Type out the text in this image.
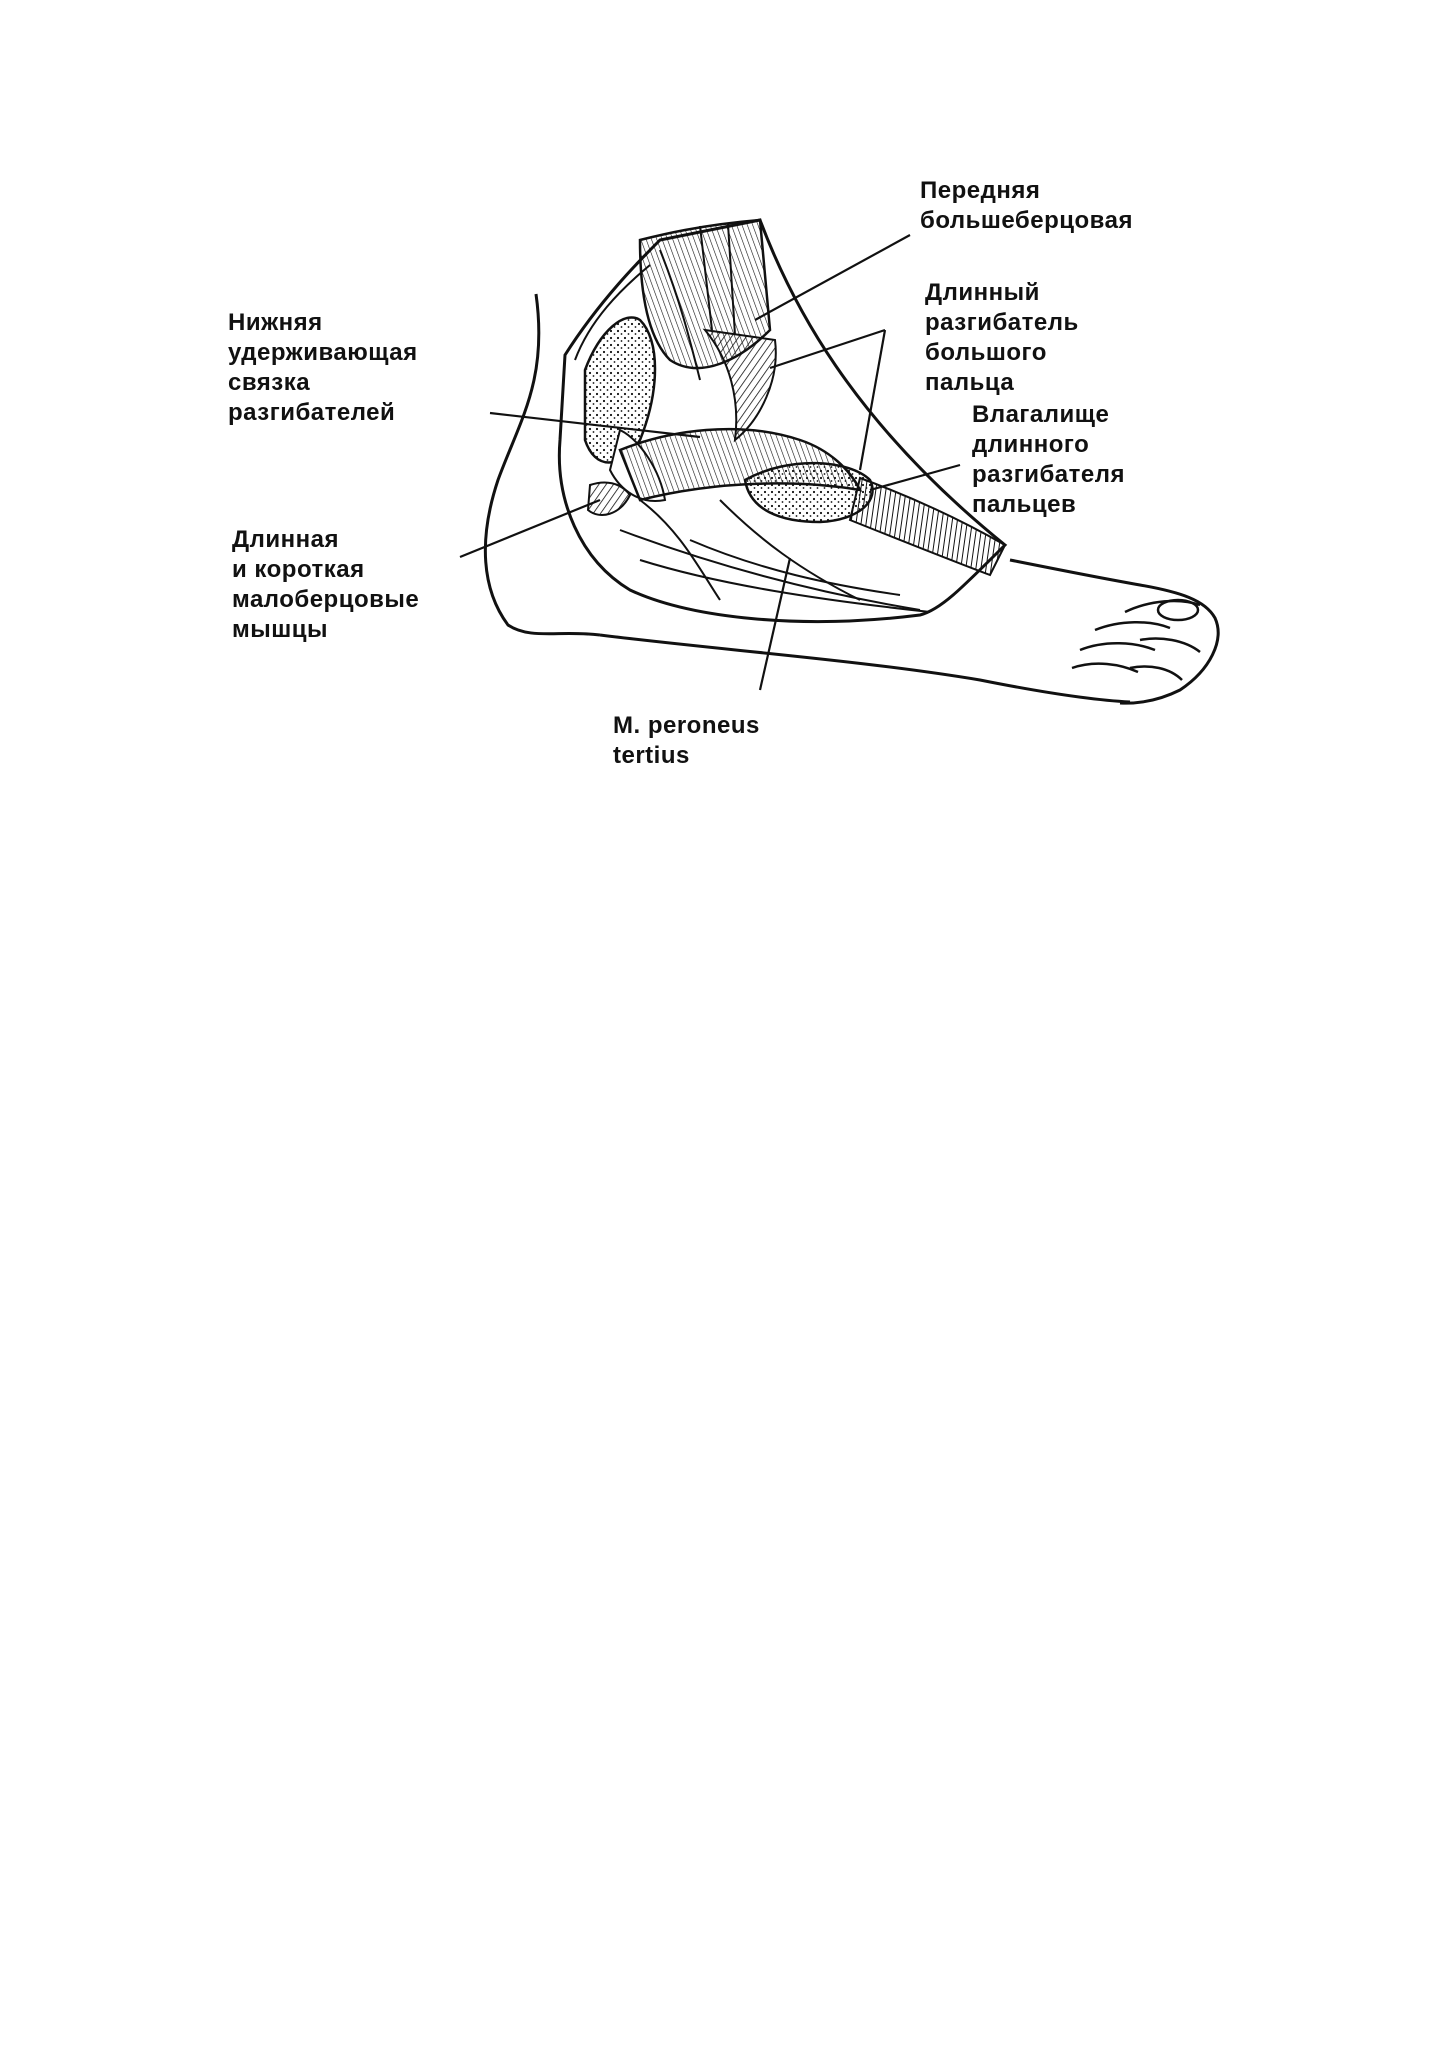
Передняя
большеберцовая
Нижняя
удерживающая
связка
разгибателей
Длинный
разгибатель
большого
пальца
Влагалище
длинного
разгибателя
пальцев
Длинная
и короткая
малоберцовые
мышцы
M. peroneus
tertius
